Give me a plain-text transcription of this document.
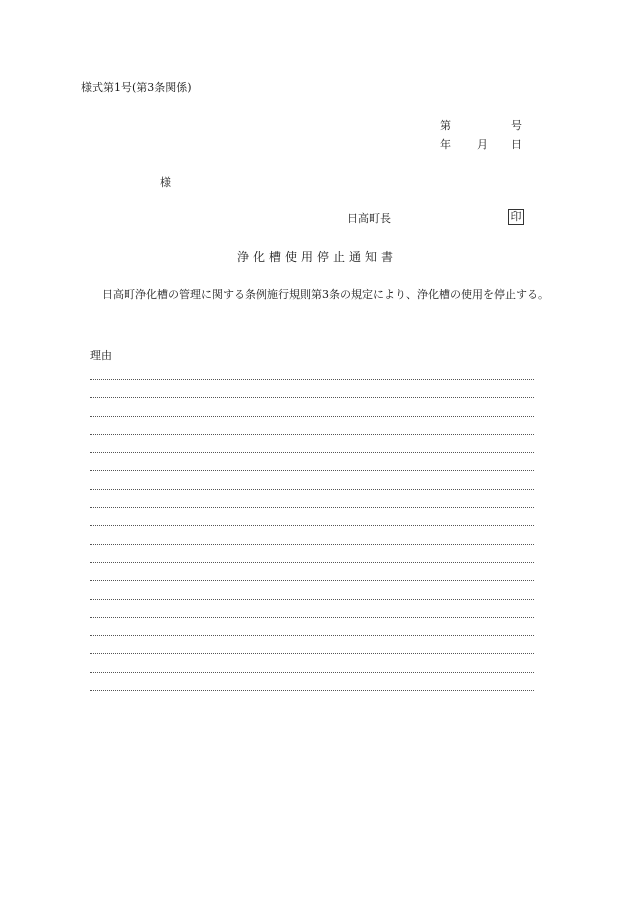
様式第1号(第3条関係)
第	号
年 月 日
様
日高町長	印
浄化槽使用停止通知書
日高町浄化槽の管理に関する条例施行規則第3条の規定により、浄化槽の使用を停止する。
理由
